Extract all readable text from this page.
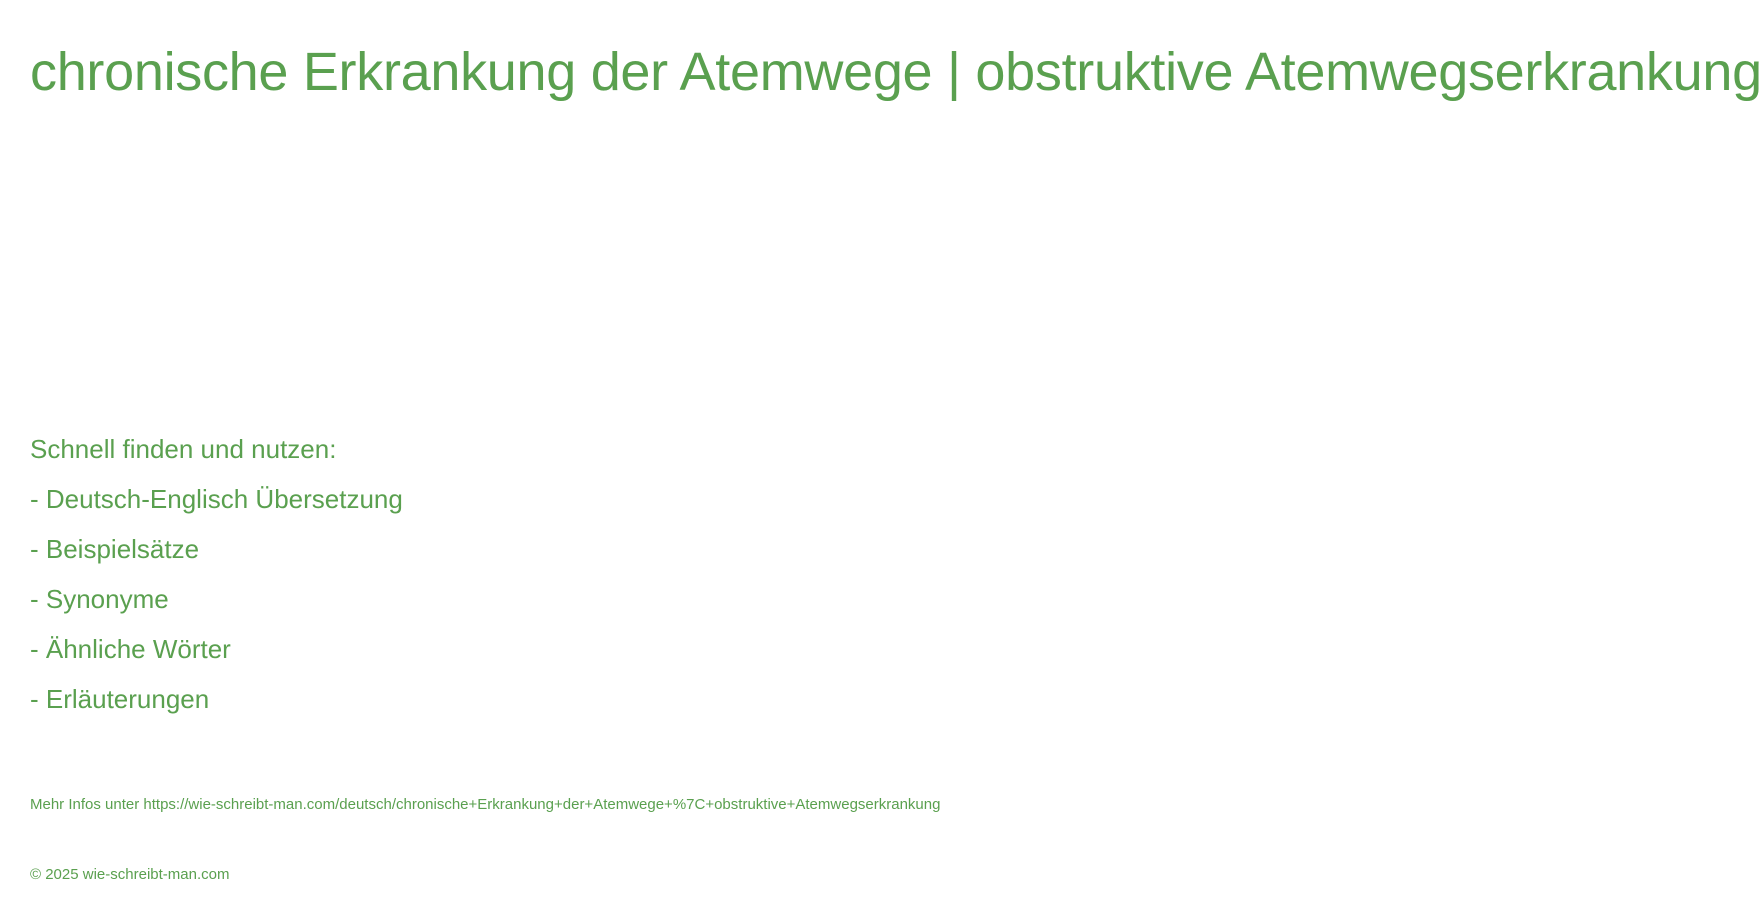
chronische Erkrankung der Atemwege | obstruktive Atemwegserkrankung
Schnell finden und nutzen:
- Deutsch-Englisch Übersetzung
- Beispielsätze
- Synonyme
- Ähnliche Wörter
- Erläuterungen
Mehr Infos unter https://wie-schreibt-man.com/deutsch/chronische+Erkrankung+der+Atemwege+%7C+obstruktive+Atemwegserkrankung
© 2025 wie-schreibt-man.com
